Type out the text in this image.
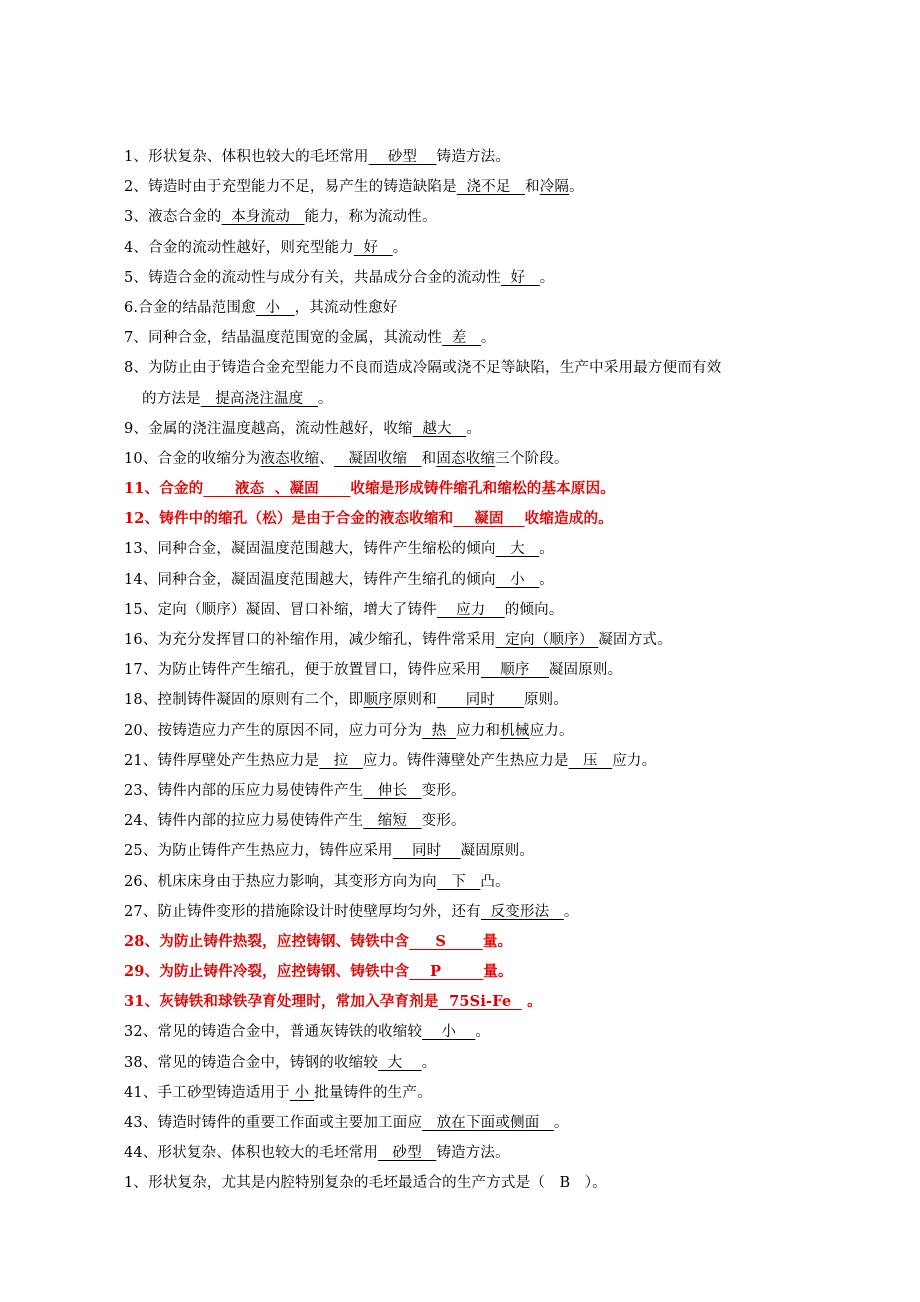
1、形状复杂、体积也较大的毛坯常用    砂型    铸造方法。
2、铸造时由于充型能力不足，易产生的铸造缺陷是  浇不足   和冷隔。
3、液态合金的  本身流动   能力，称为流动性。
4、合金的流动性越好，则充型能力  好   。
5、铸造合金的流动性与成分有关，共晶成分合金的流动性  好   。
6.合金的结晶范围愈  小   ，其流动性愈好
7、同种合金，结晶温度范围宽的金属，其流动性  差   。
8、为防止由于铸造合金充型能力不良而造成冷隔或浇不足等缺陷，生产中采用最方便而有效
的方法是   提高浇注温度   。
9、金属的浇注温度越高，流动性越好，收缩  越大   。
10、合金的收缩分为液态收缩、   凝固收缩   和固态收缩三个阶段。
11、合金的      液态  、凝固      收缩是形成铸件缩孔和缩松的基本原因。
12、铸件中的缩孔（松）是由于合金的液态收缩和    凝固    收缩造成的。
13、同种合金，凝固温度范围越大，铸件产生缩松的倾向   大   。
14、同种合金，凝固温度范围越大，铸件产生缩孔的倾向   小   。
15、定向（顺序）凝固、冒口补缩，增大了铸件    应力    的倾向。
16、为充分发挥冒口的补缩作用，减少缩孔，铸件常采用  定向（顺序） 凝固方式。
17、为防止铸件产生缩孔，便于放置冒口，铸件应采用    顺序    凝固原则。
18、控制铸件凝固的原则有二个，即顺序原则和      同时      原则。
20、按铸造应力产生的原因不同，应力可分为  热  应力和机械应力。
21、铸件厚壁处产生热应力是   拉   应力。铸件薄壁处产生热应力是   压   应力。
23、铸件内部的压应力易使铸件产生   伸长   变形。
24、铸件内部的拉应力易使铸件产生   缩短   变形。
25、为防止铸件产生热应力，铸件应采用    同时    凝固原则。
26、机床床身由于热应力影响，其变形方向为向   下   凸。
27、防止铸件变形的措施除设计时使壁厚均匀外，还有  反变形法   。
28、为防止铸件热裂，应控铸钢、铸铁中含     S       量。
29、为防止铸件冷裂，应控铸钢、铸铁中含    P        量。
31、灰铸铁和球铁孕育处理时，常加入孕育剂是  75Si-Fe   。
32、常见的铸造合金中，普通灰铸铁的收缩较    小    。
38、常见的铸造合金中，铸钢的收缩较  大    。
41、手工砂型铸造适用于 小 批量铸件的生产。
43、铸造时铸件的重要工作面或主要加工面应   放在下面或侧面   。
44、形状复杂、体积也较大的毛坯常用   砂型   铸造方法。
1、形状复杂，尤其是内腔特别复杂的毛坯最适合的生产方式是（   B   ）。
